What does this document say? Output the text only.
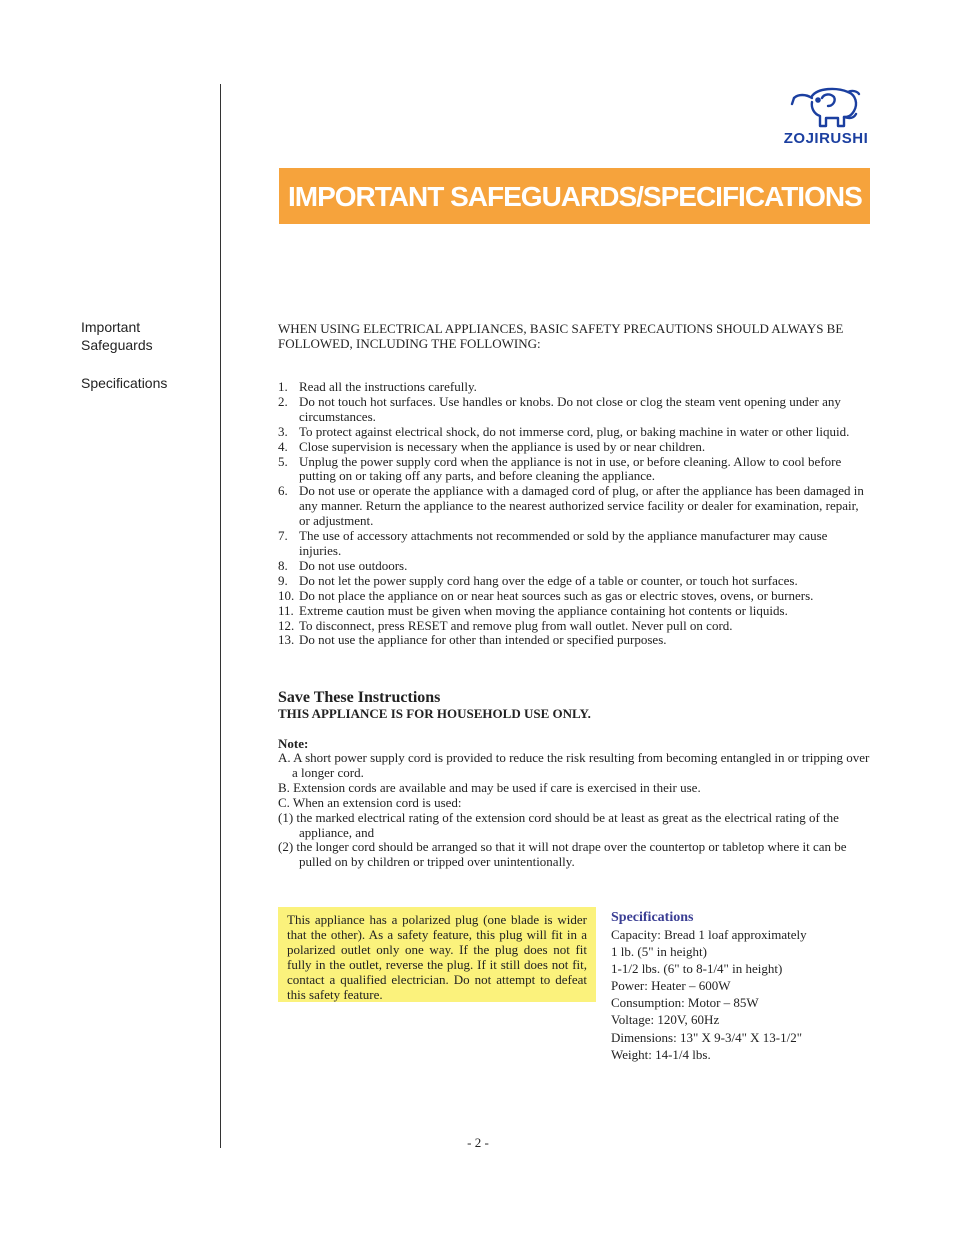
ZOJIRUSHI
IMPORTANT SAFEGUARDS/SPECIFICATIONS
Important Safeguards
Specifications
WHEN USING ELECTRICAL APPLIANCES, BASIC SAFETY PRECAUTIONS SHOULD ALWAYS BE FOLLOWED, INCLUDING THE FOLLOWING:
1. Read all the instructions carefully.
2. Do not touch hot surfaces. Use handles or knobs. Do not close or clog the steam vent opening under any circumstances.
3. To protect against electrical shock, do not immerse cord, plug, or baking machine in water or other liquid.
4. Close supervision is necessary when the appliance is used by or near children.
5. Unplug the power supply cord when the appliance is not in use, or before cleaning. Allow to cool before putting on or taking off any parts, and before cleaning the appliance.
6. Do not use or operate the appliance with a damaged cord of plug, or after the appliance has been damaged in any manner. Return the appliance to the nearest authorized service facility or dealer for examination, repair, or adjustment.
7. The use of accessory attachments not recommended or sold by the appliance manufacturer may cause injuries.
8. Do not use outdoors.
9. Do not let the power supply cord hang over the edge of a table or counter, or touch hot surfaces.
10. Do not place the appliance on or near heat sources such as gas or electric stoves, ovens, or burners.
11. Extreme caution must be given when moving the appliance containing hot contents or liquids.
12. To disconnect, press RESET and remove plug from wall outlet. Never pull on cord.
13. Do not use the appliance for other than intended or specified purposes.
Save These Instructions
THIS APPLIANCE IS FOR HOUSEHOLD USE ONLY.
Note:
A. A short power supply cord is provided to reduce the risk resulting from becoming entangled in or tripping over a longer cord.
B. Extension cords are available and may be used if care is exercised in their use.
C. When an extension cord is used:
(1) the marked electrical rating of the extension cord should be at least as great as the electrical rating of the appliance, and
(2) the longer cord should be arranged so that it will not drape over the countertop or tabletop where it can be pulled on by children or tripped over unintentionally.

This appliance has a polarized plug (one blade is wider that the other). As a safety feature, this plug will fit in a polarized outlet only one way. If the plug does not fit fully in the outlet, reverse the plug. If it still does not fit, contact a qualified electrician. Do not attempt to defeat this safety feature.

Specifications
Capacity: Bread 1 loaf approximately
1 lb. (5" in height)
1-1/2 lbs. (6" to 8-1/4" in height)
Power: Heater – 600W
Consumption: Motor – 85W
Voltage: 120V, 60Hz
Dimensions: 13" X 9-3/4" X 13-1/2"
Weight: 14-1/4 lbs.
- 2 -
